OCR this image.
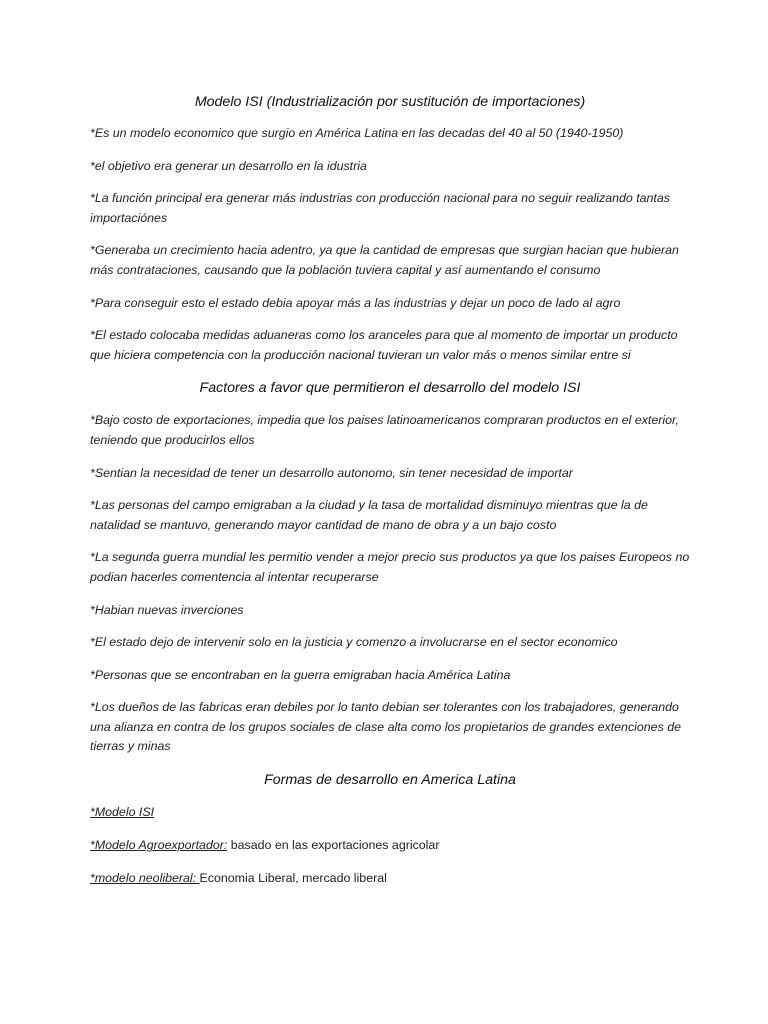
Modelo ISI (Industrialización por sustitución de importaciones)

*Es un modelo economico que surgio en América Latina en las decadas del 40 al 50 (1940-1950)

*el objetivo era generar un desarrollo en la idustria

*La función principal era generar más industrias con producción nacional para no seguir realizando tantas importaciónes

*Generaba un crecimiento hacia adentro, ya que la cantidad de empresas que surgian hacian que hubieran más contrataciones, causando que la población tuviera capital y así aumentando el consumo

*Para conseguir esto el estado debia apoyar más a las industrias y dejar un poco de lado al agro

*El estado colocaba medidas aduaneras como los aranceles para que al momento de importar un producto que hiciera competencia con la producción nacional tuvieran un valor más o menos similar entre si

Factores a favor que permitieron el desarrollo del modelo ISI

*Bajo costo de exportaciones, impedia que los paises latinoamericanos compraran productos en el exterior, teniendo que producirlos ellos

*Sentian la necesidad de tener un desarrollo autonomo, sin tener necesidad de importar

*Las personas del campo emigraban a la ciudad y la tasa de mortalidad disminuyo mientras que la de natalidad se mantuvo, generando mayor cantidad de mano de obra y a un bajo costo

*La segunda guerra mundial les permitio vender a mejor precio sus productos ya que los paises Europeos no podian hacerles comentencia al intentar recuperarse

*Habian nuevas inverciones

*El estado dejo de intervenir solo en la justicia y comenzo a involucrarse en el sector economico

*Personas que se encontraban en la guerra emigraban hacia América Latina

*Los dueños de las fabricas eran debiles por lo tanto debian ser tolerantes con los trabajadores, generando una alianza en contra de los grupos sociales de clase alta como los propietarios de grandes extenciones de tierras y minas

Formas de desarrollo en America Latina

*Modelo ISI

*Modelo Agroexportador: basado en las exportaciones agricolar

*modelo neoliberal: Economia Liberal, mercado liberal
